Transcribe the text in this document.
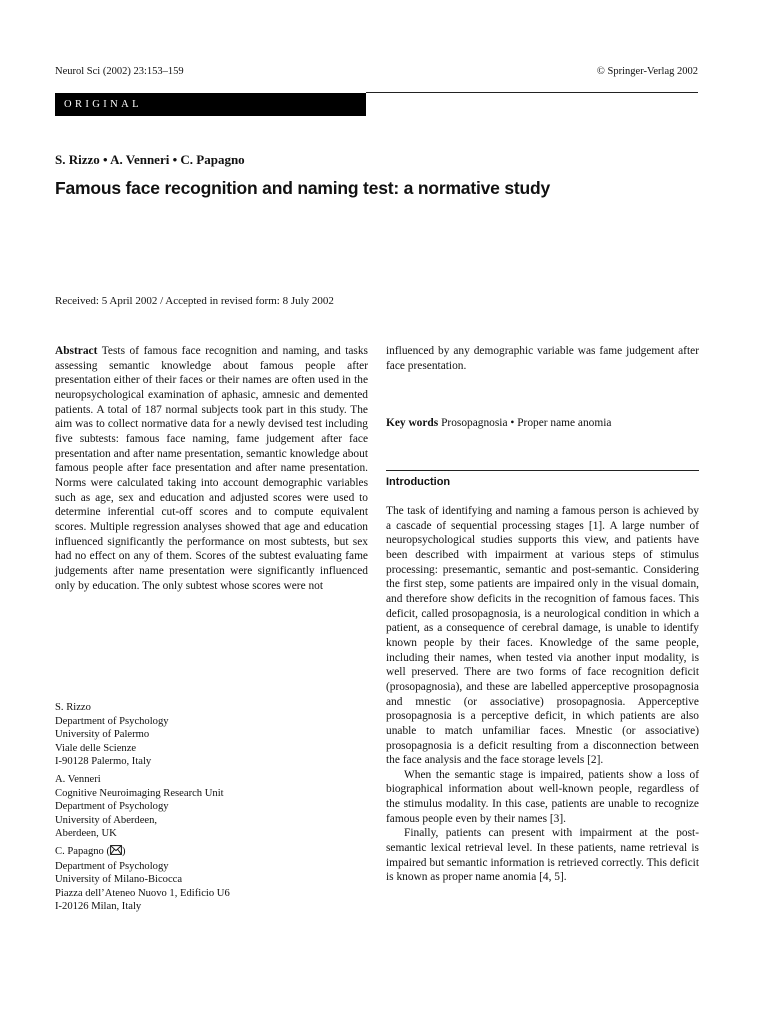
Neurol Sci (2002) 23:153–159	© Springer-Verlag 2002
ORIGINAL
S. Rizzo • A. Venneri • C. Papagno
Famous face recognition and naming test: a normative study
Received: 5 April 2002 / Accepted in revised form: 8 July 2002
Abstract Tests of famous face recognition and naming, and tasks assessing semantic knowledge about famous people after presentation either of their faces or their names are often used in the neuropsychological examination of aphasic, amnesic and demented patients. A total of 187 normal subjects took part in this study. The aim was to collect normative data for a newly devised test including five subtests: famous face naming, fame judgement after face presentation and after name presentation, semantic knowledge about famous people after face presentation and after name presentation. Norms were calculated taking into account demographic variables such as age, sex and education and adjusted scores were used to determine inferential cut-off scores and to compute equivalent scores. Multiple regression analyses showed that age and education influenced significantly the performance on most subtests, but sex had no effect on any of them. Scores of the subtest evaluating fame judgements after name presentation were significantly influenced only by education. The only subtest whose scores were not
influenced by any demographic variable was fame judgement after face presentation.
Key words Prosopagnosia • Proper name anomia
Introduction

The task of identifying and naming a famous person is achieved by a cascade of sequential processing stages [1]. A large number of neuropsychological studies supports this view, and patients have been described with impairment at various steps of stimulus processing: presemantic, semantic and post-semantic. Considering the first step, some patients are impaired only in the visual domain, and therefore show deficits in the recognition of famous faces. This deficit, called prosopagnosia, is a neurological condition in which a patient, as a consequence of cerebral damage, is unable to identify known people by their faces. Knowledge of the same people, including their names, when tested via another input modality, is well preserved. There are two forms of face recognition deficit (prosopagnosia), and these are labelled apperceptive prosopagnosia and mnestic (or associative) prosopagnosia. Apperceptive prosopagnosia is a perceptive deficit, in which patients are also unable to match unfamiliar faces. Mnestic (or associative) prosopagnosia is a deficit resulting from a disconnection between the face analysis and the face storage levels [2].

When the semantic stage is impaired, patients show a loss of biographical information about well-known people, regardless of the stimulus modality. In this case, patients are unable to recognize famous people even by their names [3].

Finally, patients can present with impairment at the post-semantic lexical retrieval level. In these patients, name retrieval is impaired but semantic information is retrieved correctly. This deficit is known as proper name anomia [4, 5].

S. Rizzo
Department of Psychology
University of Palermo
Viale delle Scienze
I-90128 Palermo, Italy
A. Venneri
Cognitive Neuroimaging Research Unit
Department of Psychology
University of Aberdeen,
Aberdeen, UK
C. Papagno ( )
Department of Psychology
University of Milano-Bicocca
Piazza dell’Ateneo Nuovo 1, Edificio U6
I-20126 Milan, Italy
